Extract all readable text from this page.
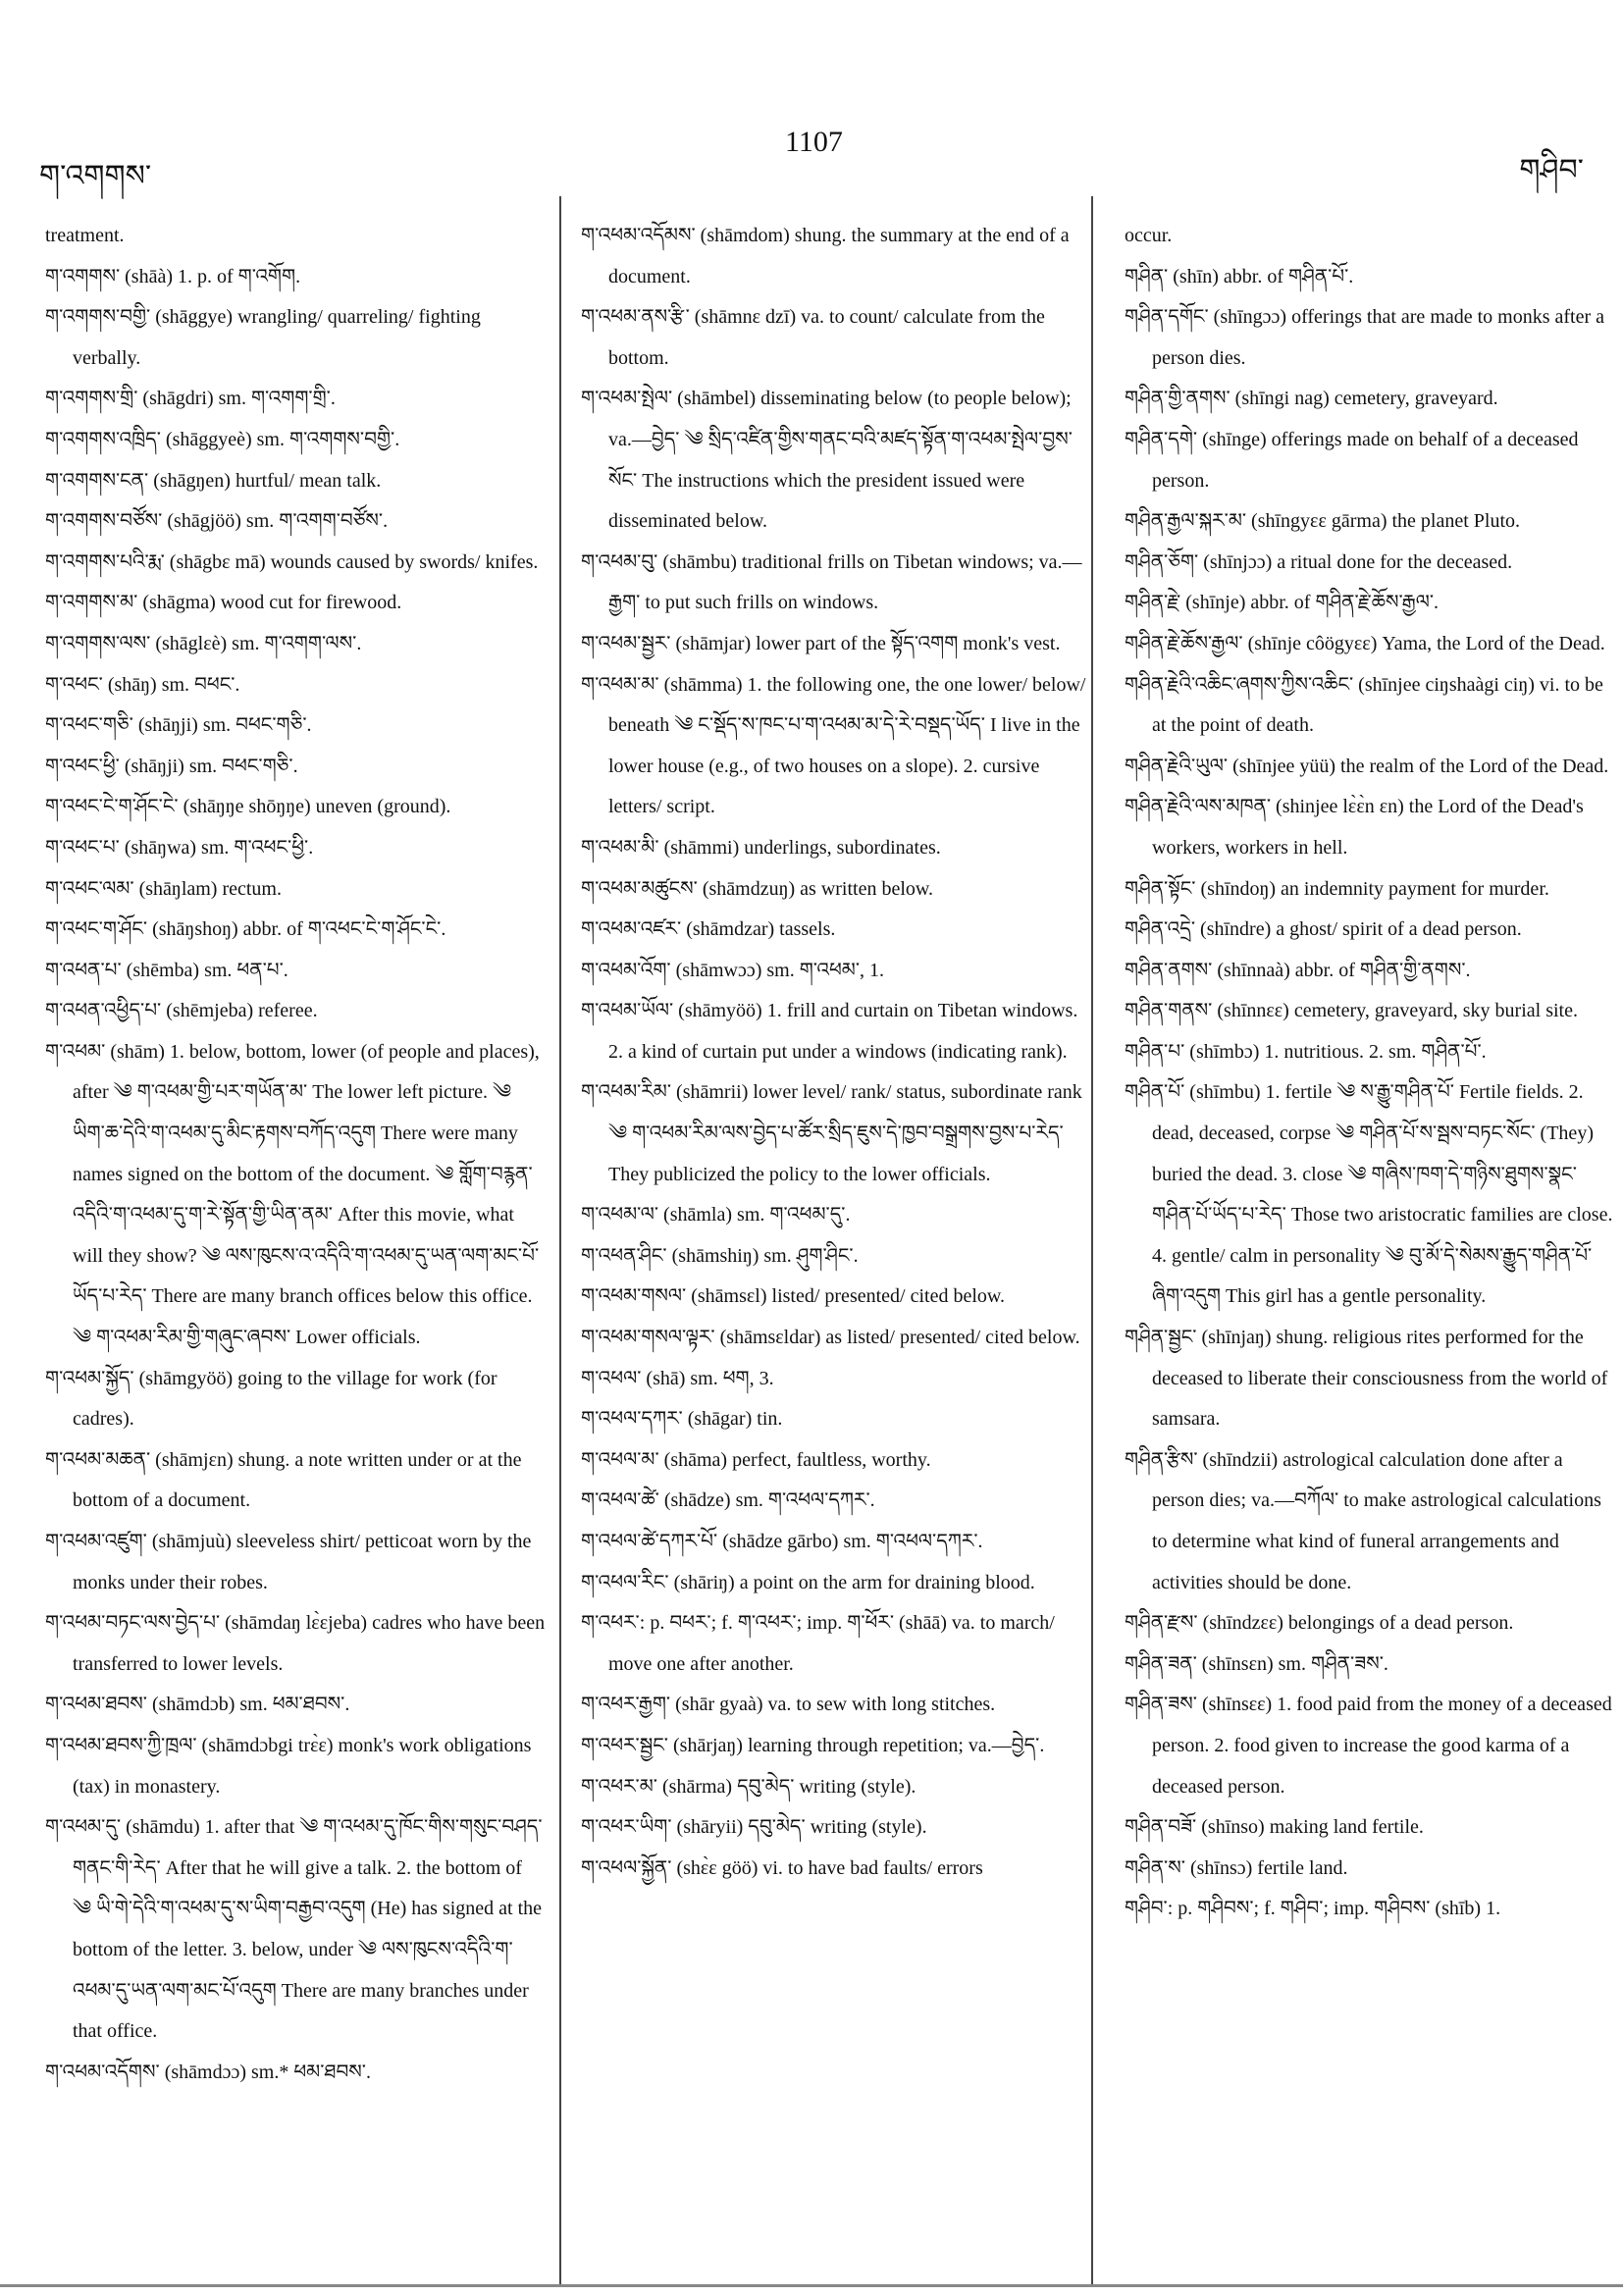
ག་འགགས་
1107
གཤིབ་

treatment.

ག་འགགས་ (shāà) 1. p. of ག་འགོག.

ག་འགགས་བགྱི་ (shāggye) wrangling/ quarreling/ fighting verbally.

ག་འགགས་གྲི་ (shāgdri) sm. ག་འགག་གྲི་.

ག་འགགས་འཁྲིད་ (shāggyeè) sm. ག་འགགས་བགྱི་.

ག་འགགས་ངན་ (shāgŋen) hurtful/ mean talk.

ག་འགགས་བཙོས་ (shāgjöö) sm. ག་འགག་བཙོས་.

ག་འགགས་པའི་རྨ་ (shāgbɛ mā) wounds caused by swords/ knifes.

ག་འགགས་མ་ (shāgma) wood cut for firewood.

ག་འགགས་ལས་ (shāglɛè) sm. ག་འགག་ལས་.

ག་འཕང་ (shāŋ) sm. བཕང་.

ག་འཕང་གཅི་ (shāŋji) sm. བཕང་གཅི་.

ག་འཕང་ཕྱི་ (shāŋji) sm. བཕང་གཅི་.

ག་འཕང་ངེ་ག་ཤོང་ངེ་ (shāŋŋe shōŋŋe) uneven (ground).

ག་འཕང་པ་ (shāŋwa) sm. ག་འཕང་ཕྱི་.

ག་འཕང་ལམ་ (shāŋlam) rectum.

ག་འཕང་ག་ཤོང་ (shāŋshoŋ) abbr. of ག་འཕང་ངེ་ག་ཤོང་ངེ་.

ག་འཕན་པ་ (shēmba) sm. ཕན་པ་.

ག་འཕན་འཕྱིད་པ་ (shēmjeba) referee.

ག་འཕམ་ (shām) 1. below, bottom, lower (of people and places), after ༄ ག་འཕམ་གྱི་པར་གཡོན་མ་ The lower left picture. ༄ ཡིག་ཆ་དེའི་ག་འཕམ་དུ་མིང་རྟགས་བཀོད་འདུག There were many names signed on the bottom of the document. ༄ གློག་བརྙན་འདིའི་ག་འཕམ་དུ་ག་རེ་སྟོན་གྱི་ཡིན་ནམ་ After this movie, what will they show? ༄ ལས་ཁུངས་འ་འདིའི་ག་འཕམ་དུ་ཡན་ལག་མང་པོ་ཡོད་པ་རེད་ There are many branch offices below this office. ༄ ག་འཕམ་རིམ་གྱི་གཞུང་ཞབས་ Lower officials.

ག་འཕམ་སྐྱོད་ (shāmgyöö) going to the village for work (for cadres).

ག་འཕམ་མཆན་ (shāmjɛn) shung. a note written under or at the bottom of a document.

ག་འཕམ་འཛུག་ (shāmjuù) sleeveless shirt/ petticoat worn by the monks under their robes.

ག་འཕམ་བཏང་ལས་བྱེད་པ་ (shāmdaŋ lɛ̀ɛjeba) cadres who have been transferred to lower levels.

ག་འཕམ་ཐབས་ (shāmdɔb) sm. ཕམ་ཐབས་.

ག་འཕམ་ཐབས་ཀྱི་ཁྲལ་ (shāmdɔbgi trɛ̀ɛ) monk's work obligations (tax) in monastery.

ག་འཕམ་དུ་ (shāmdu) 1. after that ༄ ག་འཕམ་དུ་ཁོང་གིས་གསུང་བཤད་གནང་གི་རེད་ After that he will give a talk. 2. the bottom of ༄ ཡི་གེ་དེའི་ག་འཕམ་དུ་ས་ཡིག་བརྒྱབ་འདུག (He) has signed at the bottom of the letter. 3. below, under ༄ ལས་ཁུངས་འདིའི་ག་འཕམ་དུ་ཡན་ལག་མང་པོ་འདུག There are many branches under that office.

ག་འཕམ་འདོགས་ (shāmdɔɔ) sm.* ཕམ་ཐབས་.

ག་འཕམ་འདོམས་ (shāmdom) shung. the summary at the end of a document.

ག་འཕམ་ནས་རྩི་ (shāmnɛ dzī) va. to count/ calculate from the bottom.

ག་འཕམ་སྤེལ་ (shāmbel) disseminating below (to people below); va.—བྱེད་ ༄ སྲིད་འཛིན་གྱིས་གནང་བའི་མཛད་སྟོན་ག་འཕམ་སྤེལ་བྱས་སོང་ The instructions which the president issued were disseminated below.

ག་འཕམ་བུ་ (shāmbu) traditional frills on Tibetan windows; va.—རྒྱག་ to put such frills on windows.

ག་འཕམ་སྦྱར་ (shāmjar) lower part of the སྟོད་འགག monk's vest.

ག་འཕམ་མ་ (shāmma) 1. the following one, the one lower/ below/ beneath ༄ ང་སྡོད་ས་ཁང་པ་ག་འཕམ་མ་དེ་རེ་བསྡད་ཡོད་ I live in the lower house (e.g., of two houses on a slope). 2. cursive letters/ script.

ག་འཕམ་མི་ (shāmmi) underlings, subordinates.

ག་འཕམ་མཚུངས་ (shāmdzuŋ) as written below.

ག་འཕམ་འཛར་ (shāmdzar) tassels.

ག་འཕམ་འོག་ (shāmwɔɔ) sm. ག་འཕམ་, 1.

ག་འཕམ་ཡོལ་ (shāmyöö) 1. frill and curtain on Tibetan windows. 2. a kind of curtain put under a windows (indicating rank).

ག་འཕམ་རིམ་ (shāmrii) lower level/ rank/ status, subordinate rank ༄ ག་འཕམ་རིམ་ལས་བྱེད་པ་ཚོར་སྲིད་ཇུས་དེ་ཁྱབ་བསྒྲགས་བྱས་པ་རེད་ They publicized the policy to the lower officials.

ག་འཕམ་ལ་ (shāmla) sm. ག་འཕམ་དུ་.

ག་འཕན་ཤིང་ (shāmshiŋ) sm. ཤུག་ཤིང་.

ག་འཕམ་གསལ་ (shāmsɛl) listed/ presented/ cited below.

ག་འཕམ་གསལ་ལྟར་ (shāmsɛldar) as listed/ presented/ cited below.

ག་འཕལ་ (shā) sm. ཕག, 3.

ག་འཕལ་དཀར་ (shāgar) tin.

ག་འཕལ་མ་ (shāma) perfect, faultless, worthy.

ག་འཕལ་ཚེ་ (shādze) sm. ག་འཕལ་དཀར་.

ག་འཕལ་ཚེ་དཀར་པོ་ (shādze gārbo) sm. ག་འཕལ་དཀར་.

ག་འཕལ་རིང་ (shāriŋ) a point on the arm for draining blood.

ག་འཕར་: p. བཕར་; f. ག་འཕར་; imp. ག་ཕོར་ (shāā) va. to march/ move one after another.

ག་འཕར་རྒྱག་ (shār gyaà) va. to sew with long stitches.

ག་འཕར་སྦྱང་ (shārjaŋ) learning through repetition; va.—བྱེད་.

ག་འཕར་མ་ (shārma) དབུ་མེད་ writing (style).

ག་འཕར་ཡིག་ (shāryii) དབུ་མེད་ writing (style).

ག་འཕལ་སྐྱོན་ (shɛ̀ɛ göö) vi. to have bad faults/ errors

occur.

གཤིན་ (shīn) abbr. of གཤིན་པོ་.

གཤིན་དགོང་ (shīngɔɔ) offerings that are made to monks after a person dies.

གཤིན་གྱི་ནགས་ (shīngi nag) cemetery, graveyard.

གཤིན་དགེ་ (shīnge) offerings made on behalf of a deceased person.

གཤིན་རྒྱལ་སྐར་མ་ (shīngyɛɛ gārma) the planet Pluto.

གཤིན་ཅོག་ (shīnjɔɔ) a ritual done for the deceased.

གཤིན་རྗེ་ (shīnje) abbr. of གཤིན་རྗེ་ཆོས་རྒྱལ་.

གཤིན་རྗེ་ཆོས་རྒྱལ་ (shīnje côögyɛɛ) Yama, the Lord of the Dead.

གཤིན་རྗེའི་འཆིང་ཞགས་ཀྱིས་འཆིང་ (shīnjee ciŋshaàgi ciŋ) vi. to be at the point of death.

གཤིན་རྗེའི་ཡུལ་ (shīnjee yüü) the realm of the Lord of the Dead.

གཤིན་རྗེའི་ལས་མཁན་ (shinjee lɛ̀ɛ̀n ɛn) the Lord of the Dead's workers, workers in hell.

གཤིན་སྟོང་ (shīndoŋ) an indemnity payment for murder.

གཤིན་འདྲེ་ (shīndre) a ghost/ spirit of a dead person.

གཤིན་ནགས་ (shīnnaà) abbr. of གཤིན་གྱི་ནགས་.

གཤིན་གནས་ (shīnnɛɛ) cemetery, graveyard, sky burial site.

གཤིན་པ་ (shīmbɔ) 1. nutritious. 2. sm. གཤིན་པོ་.

གཤིན་པོ་ (shīmbu) 1. fertile ༄ ས་རྒྱུ་གཤིན་པོ་ Fertile fields. 2. dead, deceased, corpse ༄ གཤིན་པོ་ས་སྦས་བཏང་སོང་ (They) buried the dead. 3. close ༄ གཞིས་ཁག་དེ་གཉིས་ཐུགས་སྣང་གཤིན་པོ་ཡོད་པ་རེད་ Those two aristocratic families are close. 4. gentle/ calm in personality ༄ བུ་མོ་དེ་སེམས་རྒྱུད་གཤིན་པོ་ཞིག་འདུག This girl has a gentle personality.

གཤིན་སྦྱང་ (shīnjaŋ) shung. religious rites performed for the deceased to liberate their consciousness from the world of samsara.

གཤིན་རྩིས་ (shīndzii) astrological calculation done after a person dies; va.—བཀོལ་ to make astrological calculations to determine what kind of funeral arrangements and activities should be done.

གཤིན་རྫས་ (shīndzɛɛ) belongings of a dead person.

གཤིན་ཟན་ (shīnsɛn) sm. གཤིན་ཟས་.

གཤིན་ཟས་ (shīnsɛɛ) 1. food paid from the money of a deceased person. 2. food given to increase the good karma of a deceased person.

གཤིན་བཟོ་ (shīnso) making land fertile.

གཤིན་ས་ (shīnsɔ) fertile land.

གཤིབ་: p. གཤིབས་; f. གཤིབ་; imp. གཤིབས་ (shīb) 1.
